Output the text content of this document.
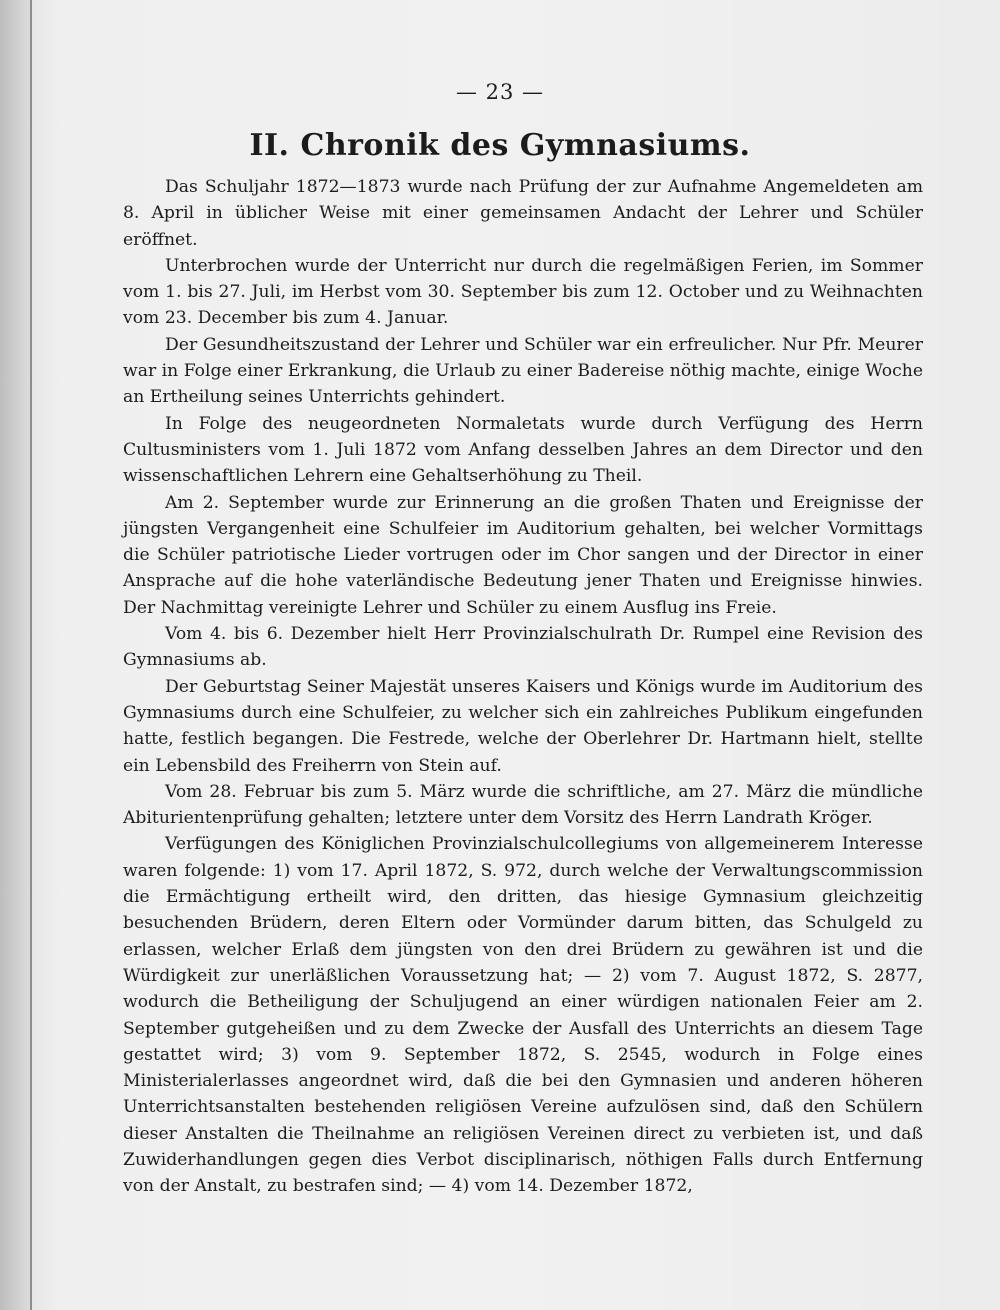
— 23 —
II. Chronik des Gymnasiums.

Das Schuljahr 1872—1873 wurde nach Prüfung der zur Aufnahme Angemeldeten am 8. April in üblicher Weise mit einer gemeinsamen Andacht der Lehrer und Schüler eröffnet.

Unterbrochen wurde der Unterricht nur durch die regelmäßigen Ferien, im Sommer vom 1. bis 27. Juli, im Herbst vom 30. September bis zum 12. October und zu Weihnachten vom 23. December bis zum 4. Januar.

Der Gesundheitszustand der Lehrer und Schüler war ein erfreulicher. Nur Pfr. Meurer war in Folge einer Erkrankung, die Urlaub zu einer Badereise nöthig machte, einige Woche an Ertheilung seines Unterrichts gehindert.

In Folge des neugeordneten Normaletats wurde durch Verfügung des Herrn Cultusministers vom 1. Juli 1872 vom Anfang desselben Jahres an dem Director und den wissenschaftlichen Lehrern eine Gehaltserhöhung zu Theil.

Am 2. September wurde zur Erinnerung an die großen Thaten und Ereignisse der jüngsten Vergangenheit eine Schulfeier im Auditorium gehalten, bei welcher Vormittags die Schüler patriotische Lieder vortrugen oder im Chor sangen und der Director in einer Ansprache auf die hohe vaterländische Bedeutung jener Thaten und Ereignisse hinwies. Der Nachmittag vereinigte Lehrer und Schüler zu einem Ausflug ins Freie.

Vom 4. bis 6. Dezember hielt Herr Provinzialschulrath Dr. Rumpel eine Revision des Gymnasiums ab.

Der Geburtstag Seiner Majestät unseres Kaisers und Königs wurde im Auditorium des Gymnasiums durch eine Schulfeier, zu welcher sich ein zahlreiches Publikum eingefunden hatte, festlich begangen. Die Festrede, welche der Oberlehrer Dr. Hartmann hielt, stellte ein Lebensbild des Freiherrn von Stein auf.

Vom 28. Februar bis zum 5. März wurde die schriftliche, am 27. März die mündliche Abiturientenprüfung gehalten; letztere unter dem Vorsitz des Herrn Landrath Kröger.

Verfügungen des Königlichen Provinzialschulcollegiums von allgemeinerem Interesse waren folgende: 1) vom 17. April 1872, S. 972, durch welche der Verwaltungscommission die Ermächtigung ertheilt wird, den dritten, das hiesige Gymnasium gleichzeitig besuchenden Brüdern, deren Eltern oder Vormünder darum bitten, das Schulgeld zu erlassen, welcher Erlaß dem jüngsten von den drei Brüdern zu gewähren ist und die Würdigkeit zur unerläßlichen Voraussetzung hat; — 2) vom 7. August 1872, S. 2877, wodurch die Betheiligung der Schuljugend an einer würdigen nationalen Feier am 2. September gutgeheißen und zu dem Zwecke der Ausfall des Unterrichts an diesem Tage gestattet wird; 3) vom 9. September 1872, S. 2545, wodurch in Folge eines Ministerialerlasses angeordnet wird, daß die bei den Gymnasien und anderen höheren Unterrichtsanstalten bestehenden religiösen Vereine aufzulösen sind, daß den Schülern dieser Anstalten die Theilnahme an religiösen Vereinen direct zu verbieten ist, und daß Zuwiderhandlungen gegen dies Verbot disciplinarisch, nöthigen Falls durch Entfernung von der Anstalt, zu bestrafen sind; — 4) vom 14. Dezember 1872,
